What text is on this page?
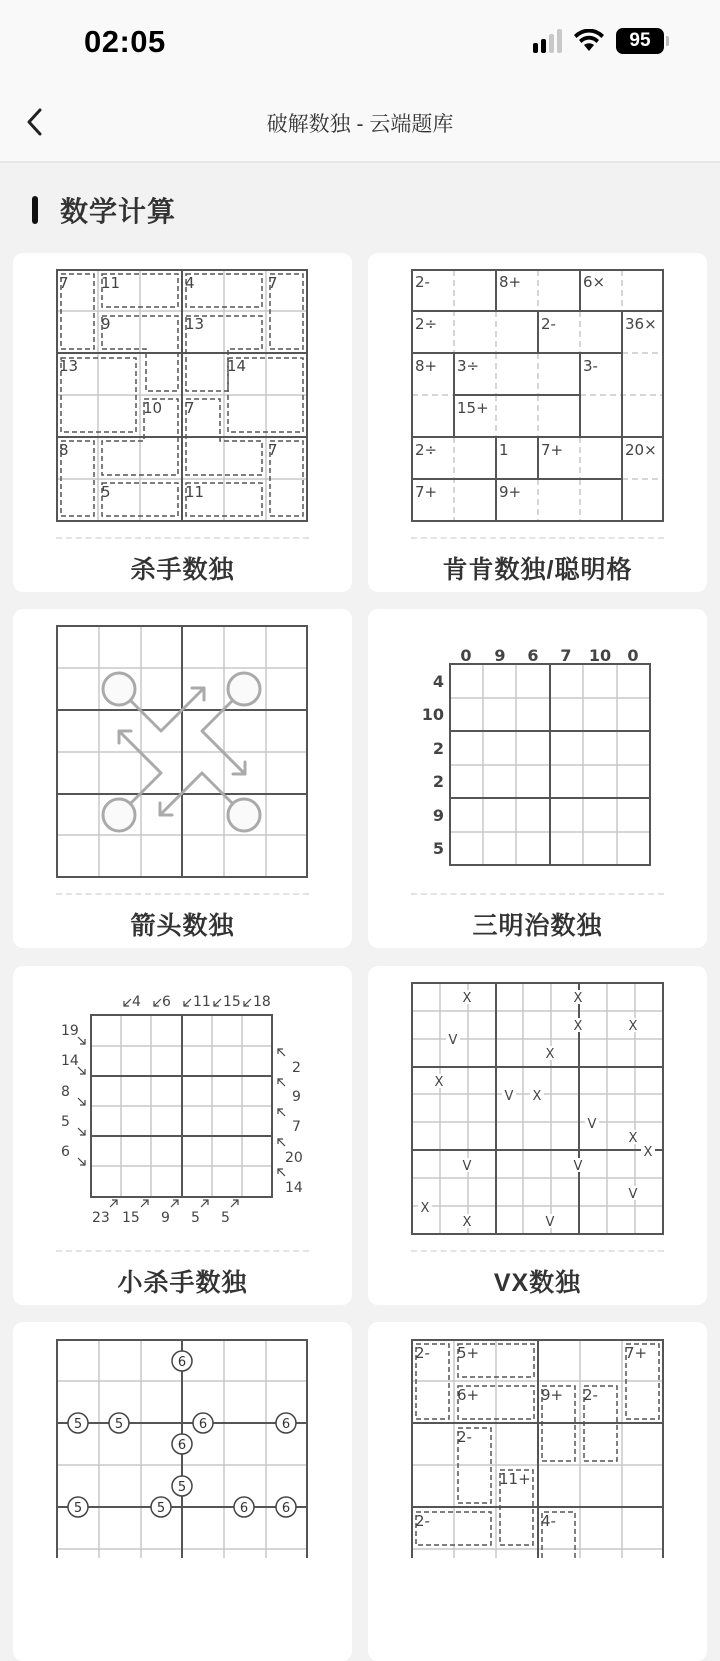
02:05	95
破解数独 - 云端题库
数学计算
7 11	4	7
9	13
13	14
10 7
8	7
5	11
杀手数独
2-	8+	6×
2÷	2-	36×
8+ 3÷	3-
15+
2÷	1 7+	20×
7+	9+
肯肯数独/聪明格
箭头数独
0 9 6 7 10 0
4
10
2
2
9
5
三明治数独
4 6 11 15 18
19
14
8
5
6
2
9
7
20
14
23 15 9 5 5
小杀手数独
X	X
X	X
V
X
X
V X
V
X
X
V	V
V
X
X	V
VX数独
6
5	5	6	6
6
5
5	5	6	6
2- 5+	7+
6+	9+ 2-
2-
11+
2-	4-
